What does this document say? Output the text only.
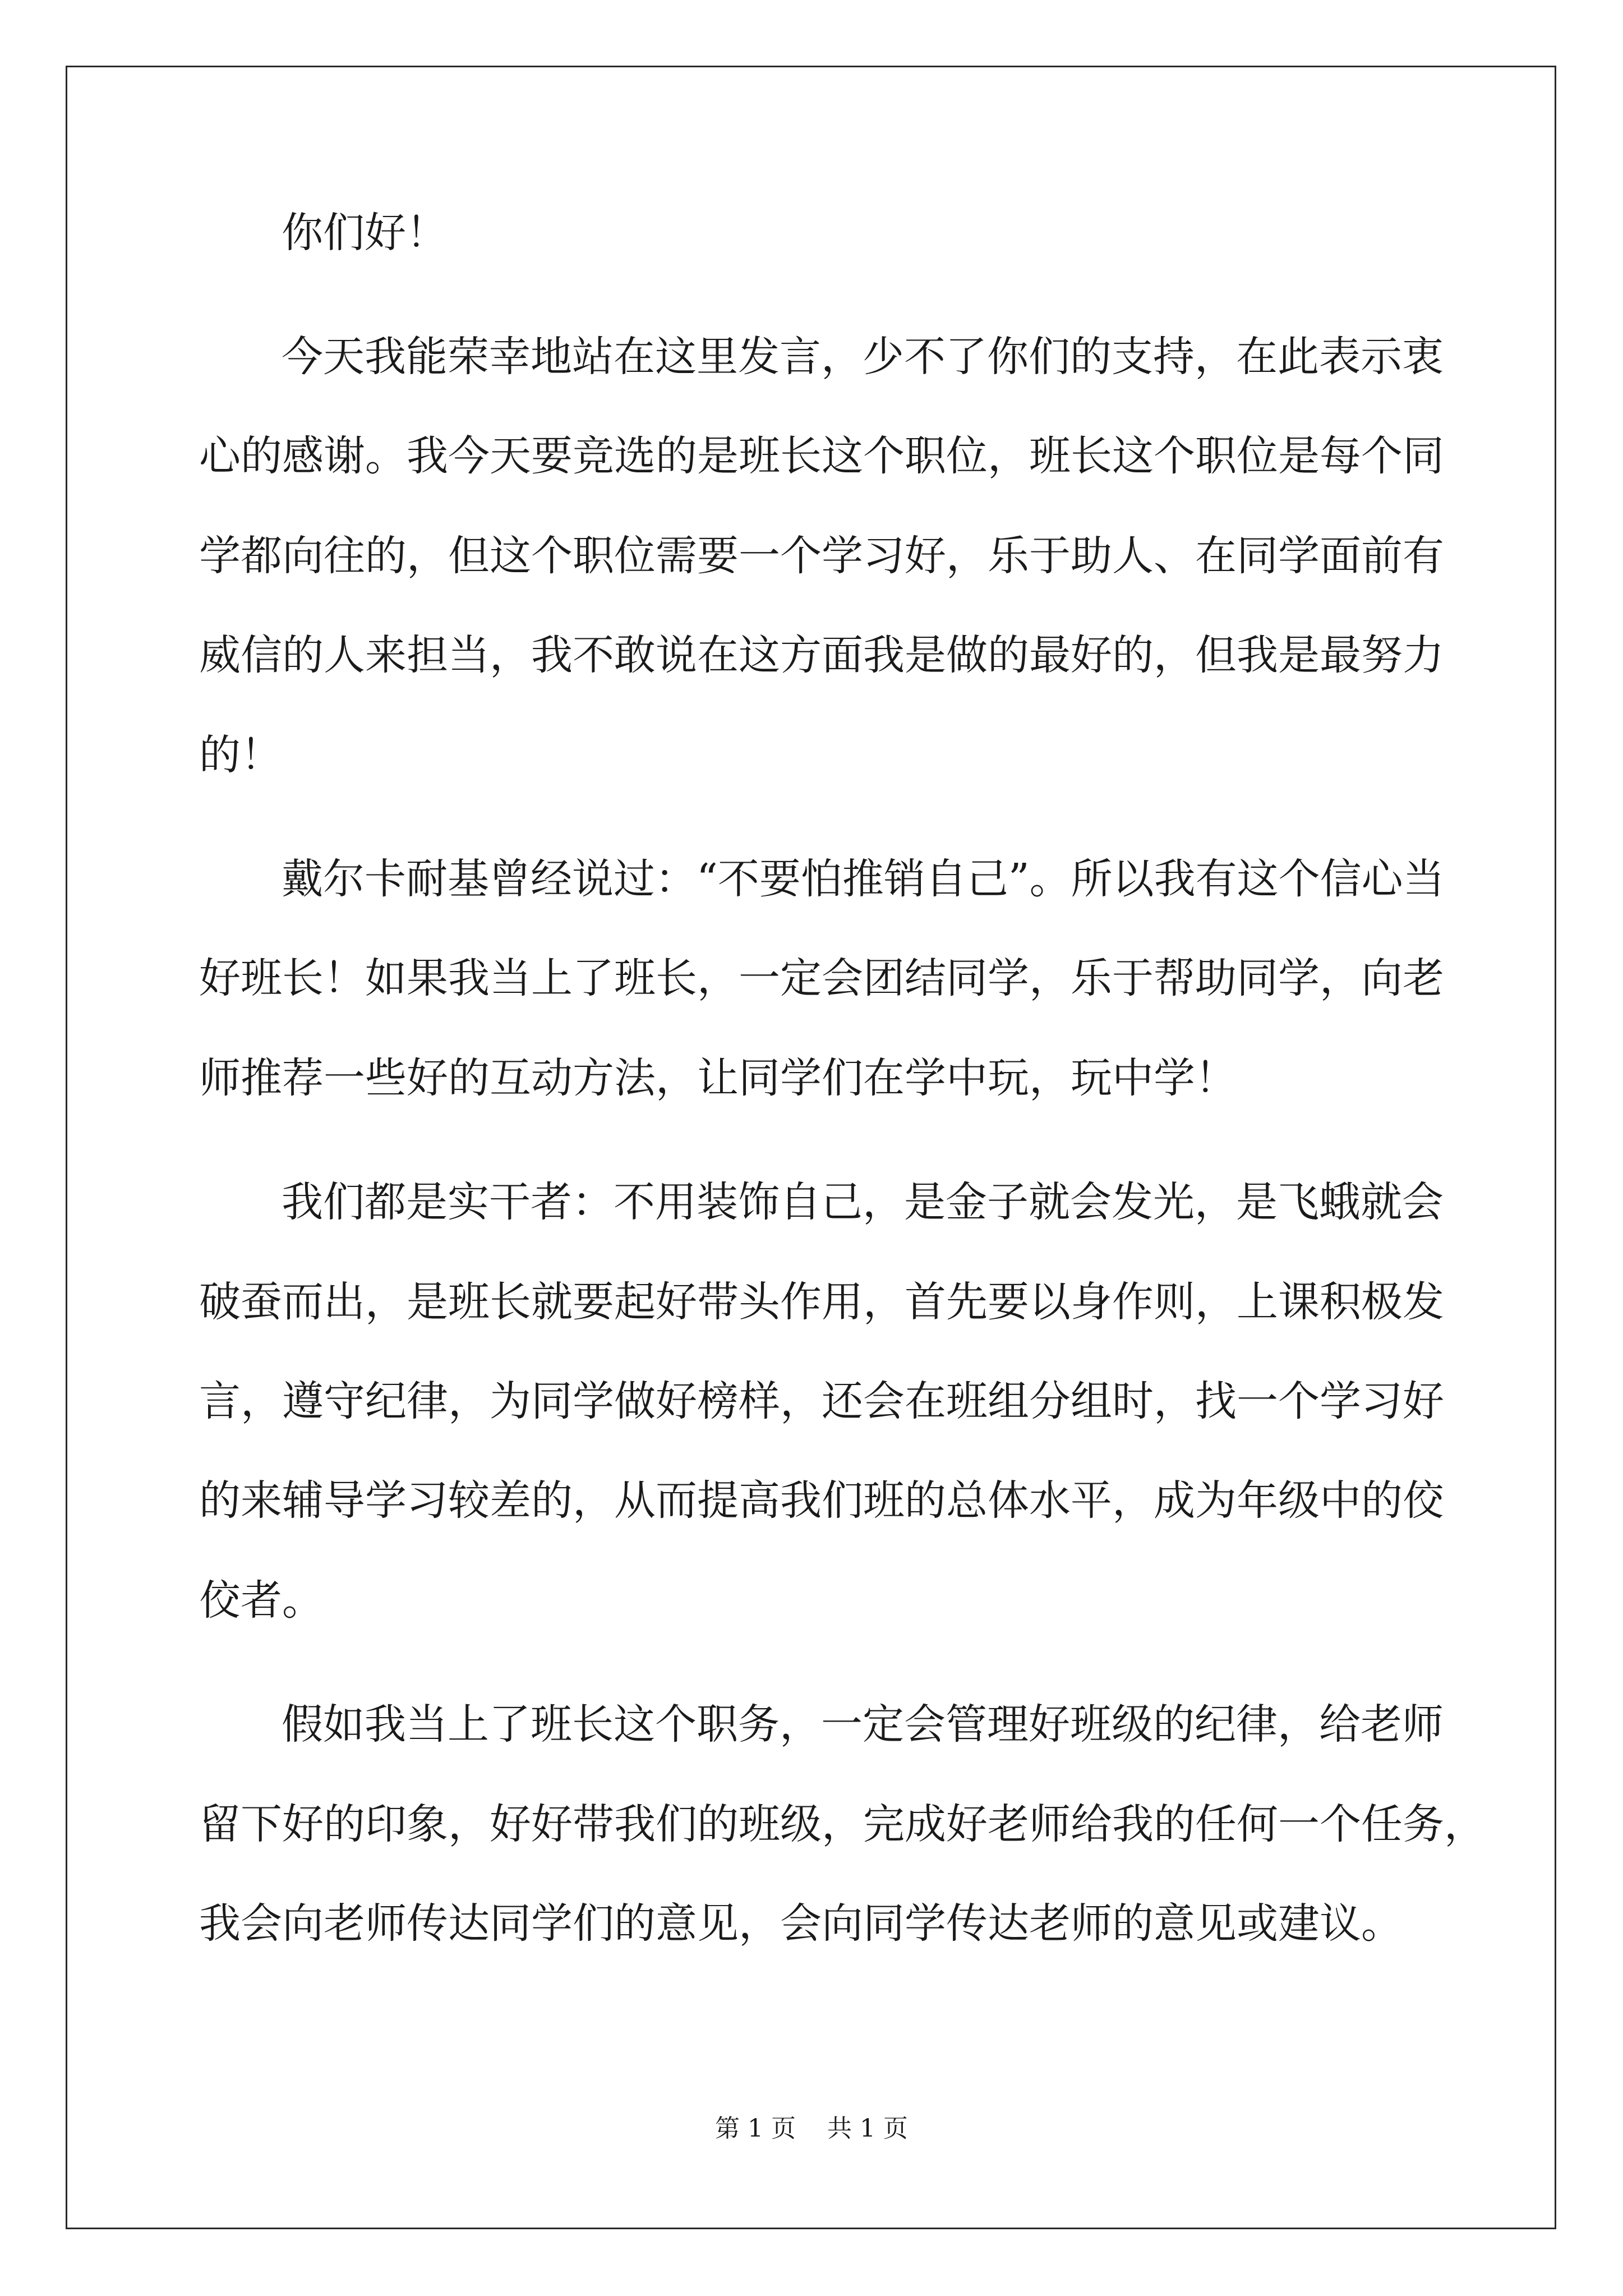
你们好！
今天我能荣幸地站在这里发言，少不了你们的支持，在此表示衷
心的感谢。我今天要竞选的是班长这个职位，班长这个职位是每个同
学都向往的，但这个职位需要一个学习好，乐于助人、在同学面前有
威信的人来担当，我不敢说在这方面我是做的最好的，但我是最努力
的！
戴尔卡耐基曾经说过：“不要怕推销自己”。所以我有这个信心当
好班长！如果我当上了班长，一定会团结同学，乐于帮助同学，向老
师推荐一些好的互动方法，让同学们在学中玩，玩中学！
我们都是实干者：不用装饰自己，是金子就会发光，是飞蛾就会
破蚕而出，是班长就要起好带头作用，首先要以身作则，上课积极发
言，遵守纪律，为同学做好榜样，还会在班组分组时，找一个学习好
的来辅导学习较差的，从而提高我们班的总体水平，成为年级中的佼
佼者。
假如我当上了班长这个职务，一定会管理好班级的纪律，给老师
留下好的印象，好好带我们的班级，完成好老师给我的任何一个任务，
我会向老师传达同学们的意见，会向同学传达老师的意见或建议。
第 1 页 共 1 页
